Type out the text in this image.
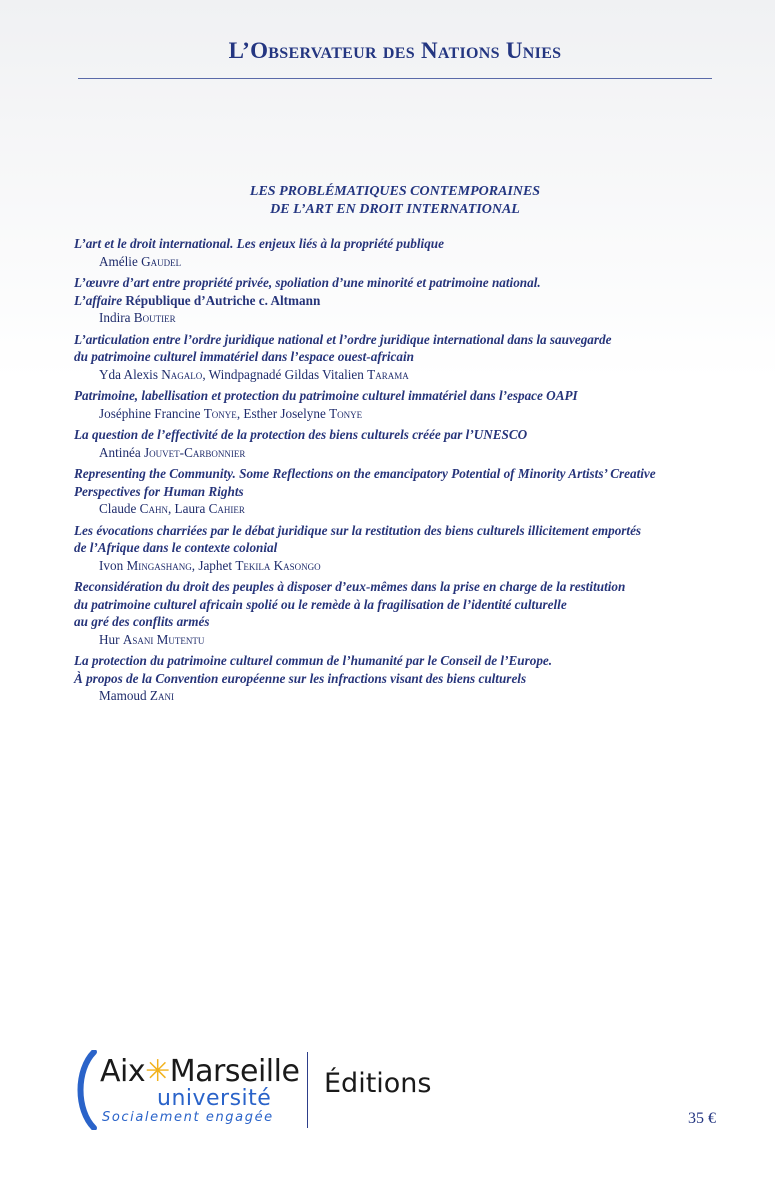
L’Observateur des Nations Unies
LES PROBLÉMATIQUES CONTEMPORAINES
DE L’ART EN DROIT INTERNATIONAL
L’art et le droit international. Les enjeux liés à la propriété publique
Amélie Gaudel
L’œuvre d’art entre propriété privée, spoliation d’une minorité et patrimoine national.
L’affaire République d’Autriche c. Altmann
Indira Boutier
L’articulation entre l’ordre juridique national et l’ordre juridique international dans la sauvegarde
du patrimoine culturel immatériel dans l’espace ouest-africain
Yda Alexis Nagalo, Windpagnadé Gildas Vitalien Tarama
Patrimoine, labellisation et protection du patrimoine culturel immatériel dans l’espace OAPI
Joséphine Francine Tonye, Esther Joselyne Tonye
La question de l’effectivité de la protection des biens culturels créée par l’UNESCO
Antinéa Jouvet-Carbonnier
Representing the Community. Some Reflections on the emancipatory Potential of Minority Artists’ Creative
Perspectives for Human Rights
Claude Cahn, Laura Cahier
Les évocations charriées par le débat juridique sur la restitution des biens culturels illicitement emportés
de l’Afrique dans le contexte colonial
Ivon Mingashang, Japhet Tekila Kasongo
Reconsidération du droit des peuples à disposer d’eux-mêmes dans la prise en charge de la restitution
du patrimoine culturel africain spolié ou le remède à la fragilisation de l’identité culturelle
au gré des conflits armés
Hur Asani Mutentu
La protection du patrimoine culturel commun de l’humanité par le Conseil de l’Europe.
À propos de la Convention européenne sur les infractions visant des biens culturels
Mamoud Zani
Aix✳Marseille
université
Socialement engagée
Éditions
35 €
